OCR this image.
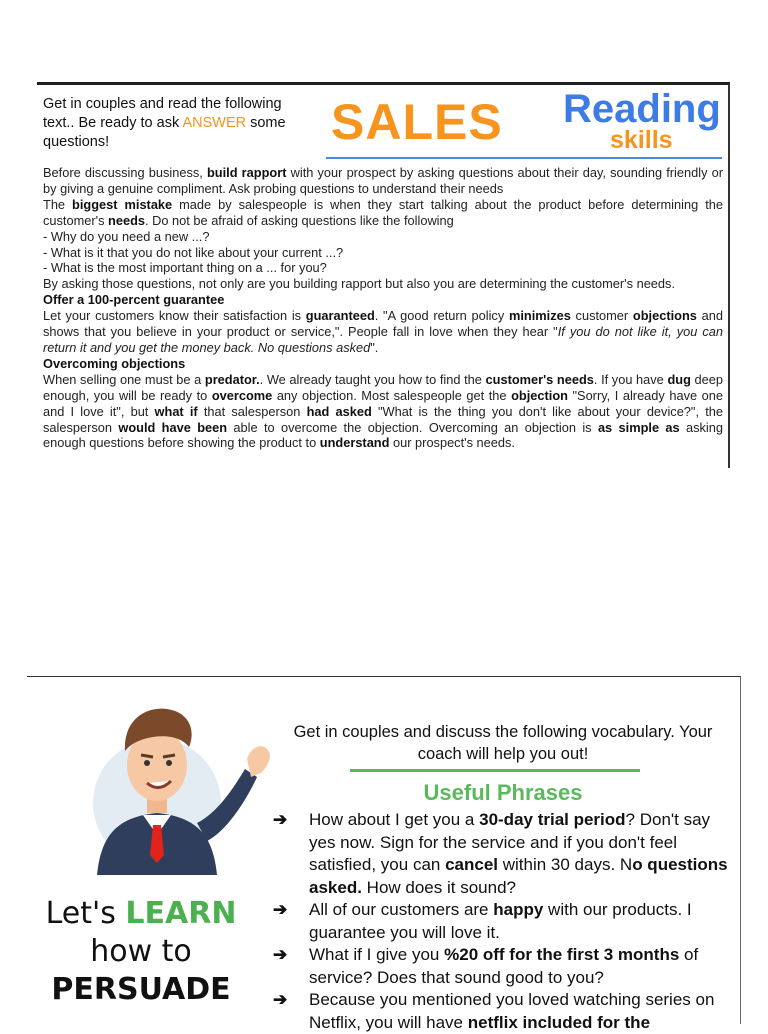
Get in couples and read the following text.. Be ready to ask ANSWER some questions!	SALES Reading
skills

Before discussing business, build rapport with your prospect by asking questions about their day, sounding friendly or by giving a genuine compliment. Ask probing questions to understand their needs

The biggest mistake made by salespeople is when they start talking about the product before determining the customer's needs. Do not be afraid of asking questions like the following

- Why do you need a new ...?

- What is it that you do not like about your current ...?

- What is the most important thing on a ... for you?

By asking those questions, not only are you building rapport but also you are determining the customer's needs.

Offer a 100-percent guarantee

Let your customers know their satisfaction is guaranteed. "A good return policy minimizes customer objections and shows that you believe in your product or service,". People fall in love when they hear "If you do not like it, you can return it and you get the money back. No questions asked".

Overcoming objections

When selling one must be a predator.. We already taught you how to find the customer's needs. If you have dug deep enough, you will be ready to overcome any objection. Most salespeople get the objection "Sorry, I already have one and I love it", but what if that salesperson had asked "What is the thing you don't like about your device?", the salesperson would have been able to overcome the objection. Overcoming an objection is as simple as asking enough questions before showing the product to understand our prospect's needs.

Let's LEARN
how to
PERSUADE
Get in couples and discuss the following vocabulary. Your coach will help you out!
Useful Phrases
➔ How about I get you a 30-day trial period? Don't say yes now. Sign for the service and if you don't feel satisfied, you can cancel within 30 days. No questions asked. How does it sound?
➔ All of our customers are happy with our products. I guarantee you will love it.
➔ What if I give you %20 off for the first 3 months of service? Does that sound good to you?
➔ Because you mentioned you loved watching series on Netflix, you will have netflix included for the
